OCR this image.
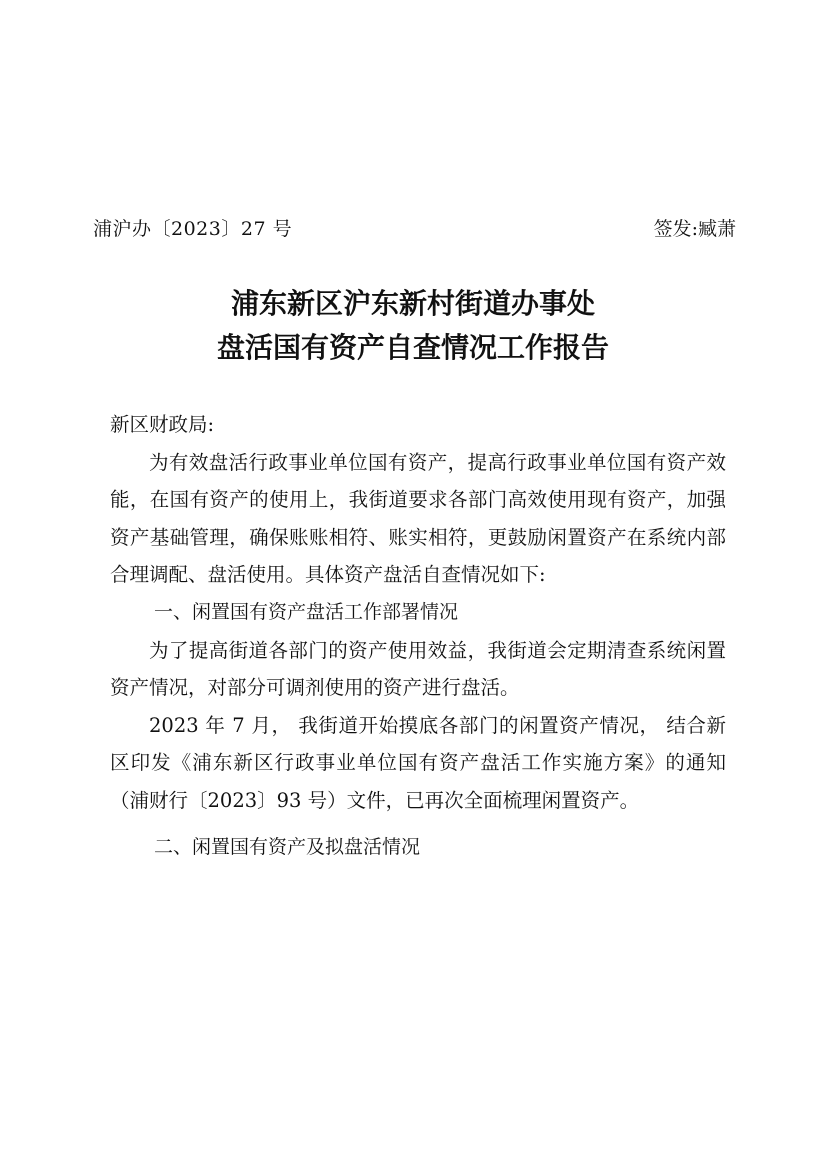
浦沪办〔2023〕27 号	签发:臧萧
浦东新区沪东新村街道办事处
盘活国有资产自查情况工作报告

新区财政局:

为有效盘活行政事业单位国有资产，提高行政事业单位国有资产效能，在国有资产的使用上，我街道要求各部门高效使用现有资产，加强资产基础管理，确保账账相符、账实相符，更鼓励闲置资产在系统内部合理调配、盘活使用。具体资产盘活自查情况如下:

一、闲置国有资产盘活工作部署情况

为了提高街道各部门的资产使用效益，我街道会定期清查系统闲置资产情况，对部分可调剂使用的资产进行盘活。

2023 年 7 月， 我街道开始摸底各部门的闲置资产情况， 结合新区印发《浦东新区行政事业单位国有资产盘活工作实施方案》的通知（浦财行〔2023〕93 号）文件，已再次全面梳理闲置资产。

二、闲置国有资产及拟盘活情况
